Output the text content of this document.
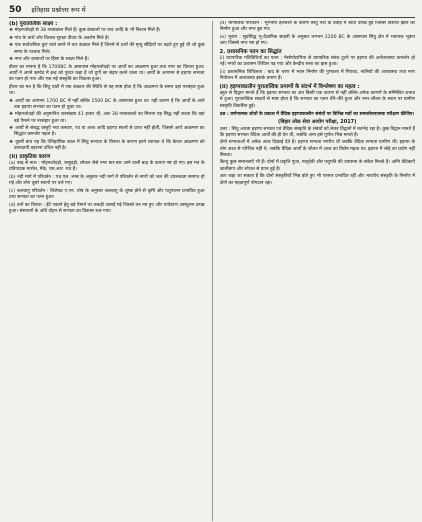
50 इतिहास प्रश्नोत्तर रूप में

(b) पुरातात्विक साक्ष्य :

❖ मोहनजोदड़ो से 38 नरकंकाल मिले हैं। कुछ कंकालों पर घाव आदि के भी निशान मिले हैं।

❖ गांव के चारों ओर विशाल सुरक्षा दीवार के अवशेष मिले हैं।

❖ एक सार्वजनिक कुएं वाले कमरे में चार कंकाल मिले हैं जिनमें से चारों की मृत्यु सीढ़ियों पर चढ़ते हुए हुई थी जो कुछ समय के पश्चात मिले।

❖ नगर और दरबाजों पर हिंसा के साक्ष्य मिले हैं।

डीलर का मानना है कि 1700BC के आसपास मोहनजोदड़ो पर आर्यों का आक्रमण हुआ तथा नगर का विनाश हुआ। आर्यों ने अपने ऋग्वेद में इन्द्र को पुरंदर कहा है जो दुर्गों का संहार करने वाला था। आर्यों के आगमन से हड़प्पा सभ्यता का पतन हो गया और एक नई संस्कृति का विकास हुआ।

हीलर का मत है कि सिंधु घाटी में एक कंकाल की स्थिति से यह स्पष्ट होता है कि आक्रमण के समय वहां नरसंहार हुआ था।

❖ आर्यों का आगमन 1700 BC में नहीं बल्कि 1500 BC के आसपास हुआ था। यही कारण है कि आर्यों के आने तक हड़प्पा सभ्यता का पतन हो चुका था।

❖ मोहनजोदड़ो की अनुमानित जनसंख्या 41 हजार थी, अतः 38 नरकंकालों का मिलना यह सिद्ध नहीं करता कि वहां बड़े पैमाने पर नरसंहार हुआ था।

❖ आर्यों से संबद्ध वस्तुएँ नया तलवार, रथ या अश्व आदि हड़प्पा स्थलों से प्राप्त नहीं होतीं, जिससे आर्य आक्रमण का सिद्धांत कमजोर पड़ता है।

❖ दूसरी बात यह कि ऐतिहासिक काल में सिंधु सभ्यता के विनाश के कारण इतने व्यापक थे कि केवल आक्रमण को उत्तरदायी ठहराना उचित नहीं है।

(ii) प्राकृतिक कारण

(a) बाढ़ से नाश : मोहनजोदड़ो, चन्हूदड़ो, लोथल जैसे नगर बार-बार आने वाली बाढ़ के कारण नष्ट हो गए। इस मत के प्रतिपादक मार्शल, मैके, एस.आर. राव हैं।

(b) नदी मार्ग में परिवर्तन : एच.एल. लम्ब के अनुसार नदी मार्ग में परिवर्तन से नगरों को जल की उपलब्धता समाप्त हो गई और लोग दूसरे स्थानों पर चले गए।

(c) जलवायु परिवर्तन : विशेषज्ञ ए.एन. घोष के अनुसार जलवायु के शुष्क होने से कृषि और पशुपालन प्रभावित हुआ तथा सभ्यता का पतन हुआ।

(d) वनों का विनाश : ईंटें पकाने हेतु बड़े पैमाने पर लकड़ी जलाई गई जिससे वन नष्ट हुए और पर्यावरण असंतुलन उत्पन्न हुआ। संसाधनों के अति दोहन से सभ्यता का विकास रुक गया।

(d) भौगोलिक परिवर्तन : भूगर्भीय हलचलों के कारण सिंधु नदी के प्रवाह में बाधा उत्पन्न हुई जिससे विशाल झील का निर्माण हुआ और नगर डूब गए।

(e) भूकंप : सुप्रसिद्ध भू-वैज्ञानिक साहनी के अनुसार लगभग 2200 BC के आसपास सिंधु क्षेत्र में भयानक भूकंप आए जिससे नगर नष्ट हो गए।

2. प्रशासनिक पतन का सिद्धांत

(i) व्यापारिक गतिविधियों का पतन : मेसोपोटामिया से व्यापारिक संबंध टूटने पर हड़प्पा की अर्थव्यवस्था कमजोर हो गई। नगरों का प्रशासन शिथिल पड़ गया और केन्द्रीय सत्ता का ह्रास हुआ।

(ii) प्रशासनिक शिथिलता : बाद के चरण में भवन निर्माण की गुणवत्ता में गिरावट, नालियों की अव्यवस्था तथा नगर नियोजन में अव्यवस्था इसके प्रमाण हैं।

(ii) हड़प्पाकालीन पुरातात्विक प्रमाणों के संदर्भ में विश्लेषण का महत्व :

बहुत से विद्वान मानते हैं कि हड़प्पा सभ्यता का अंत किसी एक कारण से नहीं बल्कि अनेक कारणों के सम्मिलित प्रभाव से हुआ। पुरातात्विक साक्ष्यों से स्पष्ट होता है कि सभ्यता का पतन धीरे-धीरे हुआ और नगर-जीवन के स्थान पर ग्रामीण संस्कृति विकसित हुई।

प्रश्न : वर्णनात्मक शोधों के प्रकाश में वैदिक हड़प्पाकालीन संबंधों पर विभिन्न मतों का समालोचनात्मक परीक्षण कीजिए।
(बिहार लोक सेवा आयोग परीक्षा, 2017)

उत्तर : सिंधु अथवा हड़प्पा सभ्यता एवं वैदिक संस्कृति के संबंधों को लेकर विद्वानों में मतभेद रहा है। कुछ विद्वान मानते हैं कि हड़प्पा सभ्यता वैदिक आर्यों की ही देन थी, जबकि अन्य इसे पूर्णतः भिन्न मानते हैं।

दोनों सभ्यताओं में अनेक अंतर दिखाई देते हैं। हड़प्पा सभ्यता नगरीय थी जबकि वैदिक सभ्यता ग्रामीण थी। हड़प्पा के लोग अश्व से परिचित नहीं थे, जबकि वैदिक आर्यों के जीवन में अश्व का विशेष महत्व था। हड़प्पा में लोहे का प्रयोग नहीं मिलता।

किन्तु कुछ समानताएँ भी हैं। दोनों में प्रकृति पूजा, मातृदेवी और पशुपति की उपासना के संकेत मिलते हैं। अग्नि वेदिकाएँ कालीबंगा और लोथल से प्राप्त हुई हैं।

अतः कहा जा सकता है कि दोनों संस्कृतियाँ भिन्न होते हुए भी परस्पर प्रभावित रहीं और भारतीय संस्कृति के निर्माण में दोनों का महत्वपूर्ण योगदान रहा।
